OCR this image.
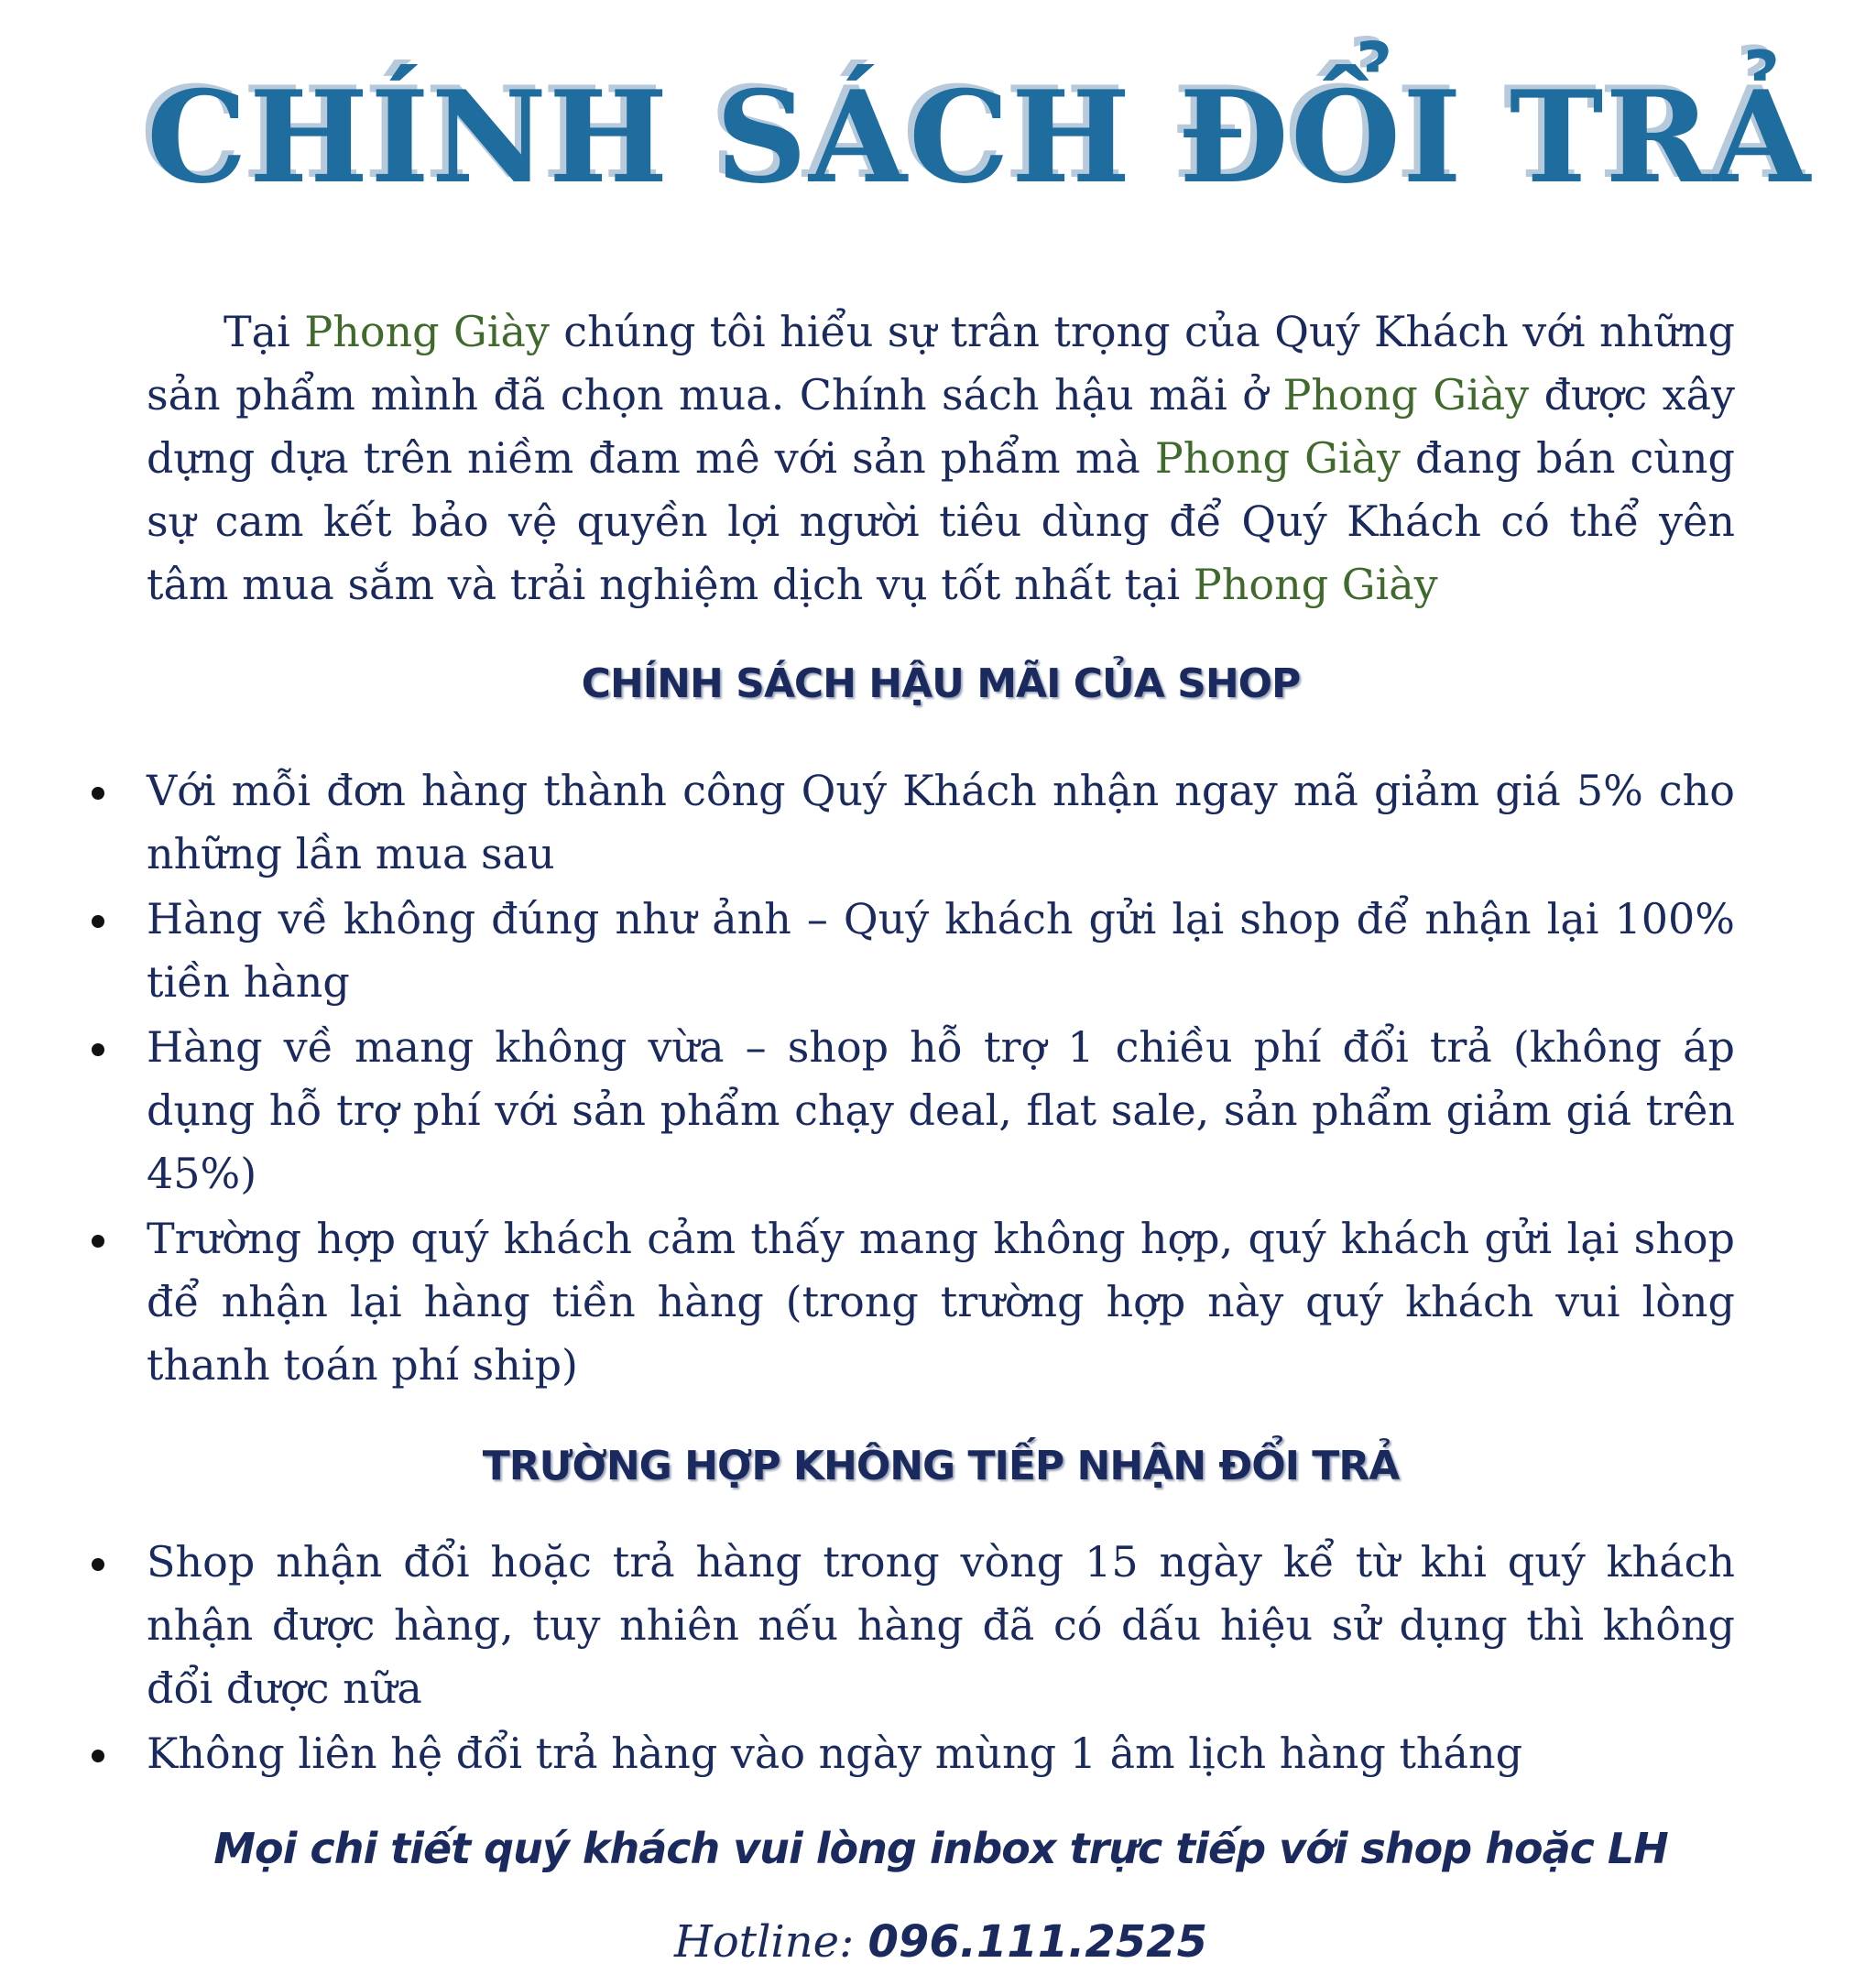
CHÍNH SÁCH ĐỔI TRẢ

Tại Phong Giày chúng tôi hiểu sự trân trọng của Quý Khách với những sản phẩm mình đã chọn mua. Chính sách hậu mãi ở Phong Giày được xây dựng dựa trên niềm đam mê với sản phẩm mà Phong Giày đang bán cùng sự cam kết bảo vệ quyền lợi người tiêu dùng để Quý Khách có thể yên tâm mua sắm và trải nghiệm dịch vụ tốt nhất tại Phong Giày

CHÍNH SÁCH HẬU MÃI CỦA SHOP
Với mỗi đơn hàng thành công Quý Khách nhận ngay mã giảm giá 5% cho những lần mua sau
Hàng về không đúng như ảnh – Quý khách gửi lại shop để nhận lại 100% tiền hàng
Hàng về mang không vừa – shop hỗ trợ 1 chiều phí đổi trả (không áp dụng hỗ trợ phí với sản phẩm chạy deal, flat sale, sản phẩm giảm giá trên 45%)
Trường hợp quý khách cảm thấy mang không hợp, quý khách gửi lại shop để nhận lại hàng tiền hàng (trong trường hợp này quý khách vui lòng thanh toán phí ship)
TRƯỜNG HỢP KHÔNG TIẾP NHẬN ĐỔI TRẢ
Shop nhận đổi hoặc trả hàng trong vòng 15 ngày kể từ khi quý khách nhận được hàng, tuy nhiên nếu hàng đã có dấu hiệu sử dụng thì không đổi được nữa
Không liên hệ đổi trả hàng vào ngày mùng 1 âm lịch hàng tháng
Mọi chi tiết quý khách vui lòng inbox trực tiếp với shop hoặc LH
Hotline: 096.111.2525
